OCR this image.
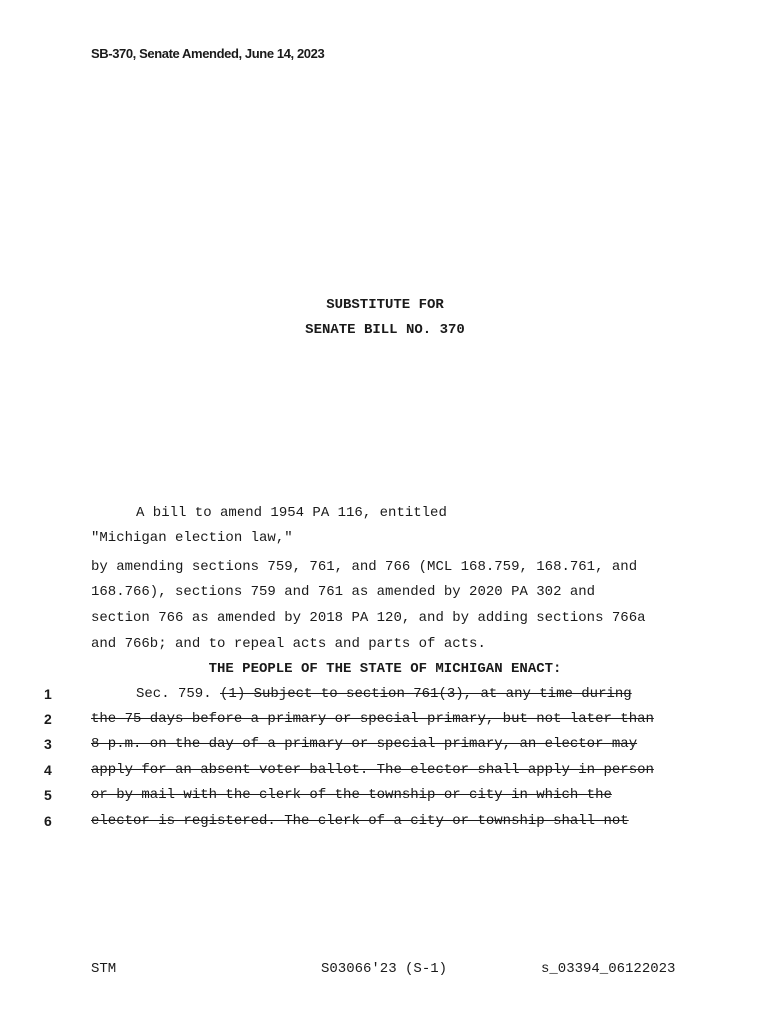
SB-370, Senate Amended, June 14, 2023
SUBSTITUTE FOR
SENATE BILL NO. 370
A bill to amend 1954 PA 116, entitled
"Michigan election law,"
by amending sections 759, 761, and 766 (MCL 168.759, 168.761, and
168.766), sections 759 and 761 as amended by 2020 PA 302 and
section 766 as amended by 2018 PA 120, and by adding sections 766a
and 766b; and to repeal acts and parts of acts.
THE PEOPLE OF THE STATE OF MICHIGAN ENACT:
1	Sec. 759. (1) Subject to section 761(3), at any time during
2	the 75 days before a primary or special primary, but not later than
3	8 p.m. on the day of a primary or special primary, an elector may
4	apply for an absent voter ballot. The elector shall apply in person
5	or by mail with the clerk of the township or city in which the
6	elector is registered. The clerk of a city or township shall not
STM	S03066'23 (S-1)	s_03394_06122023
